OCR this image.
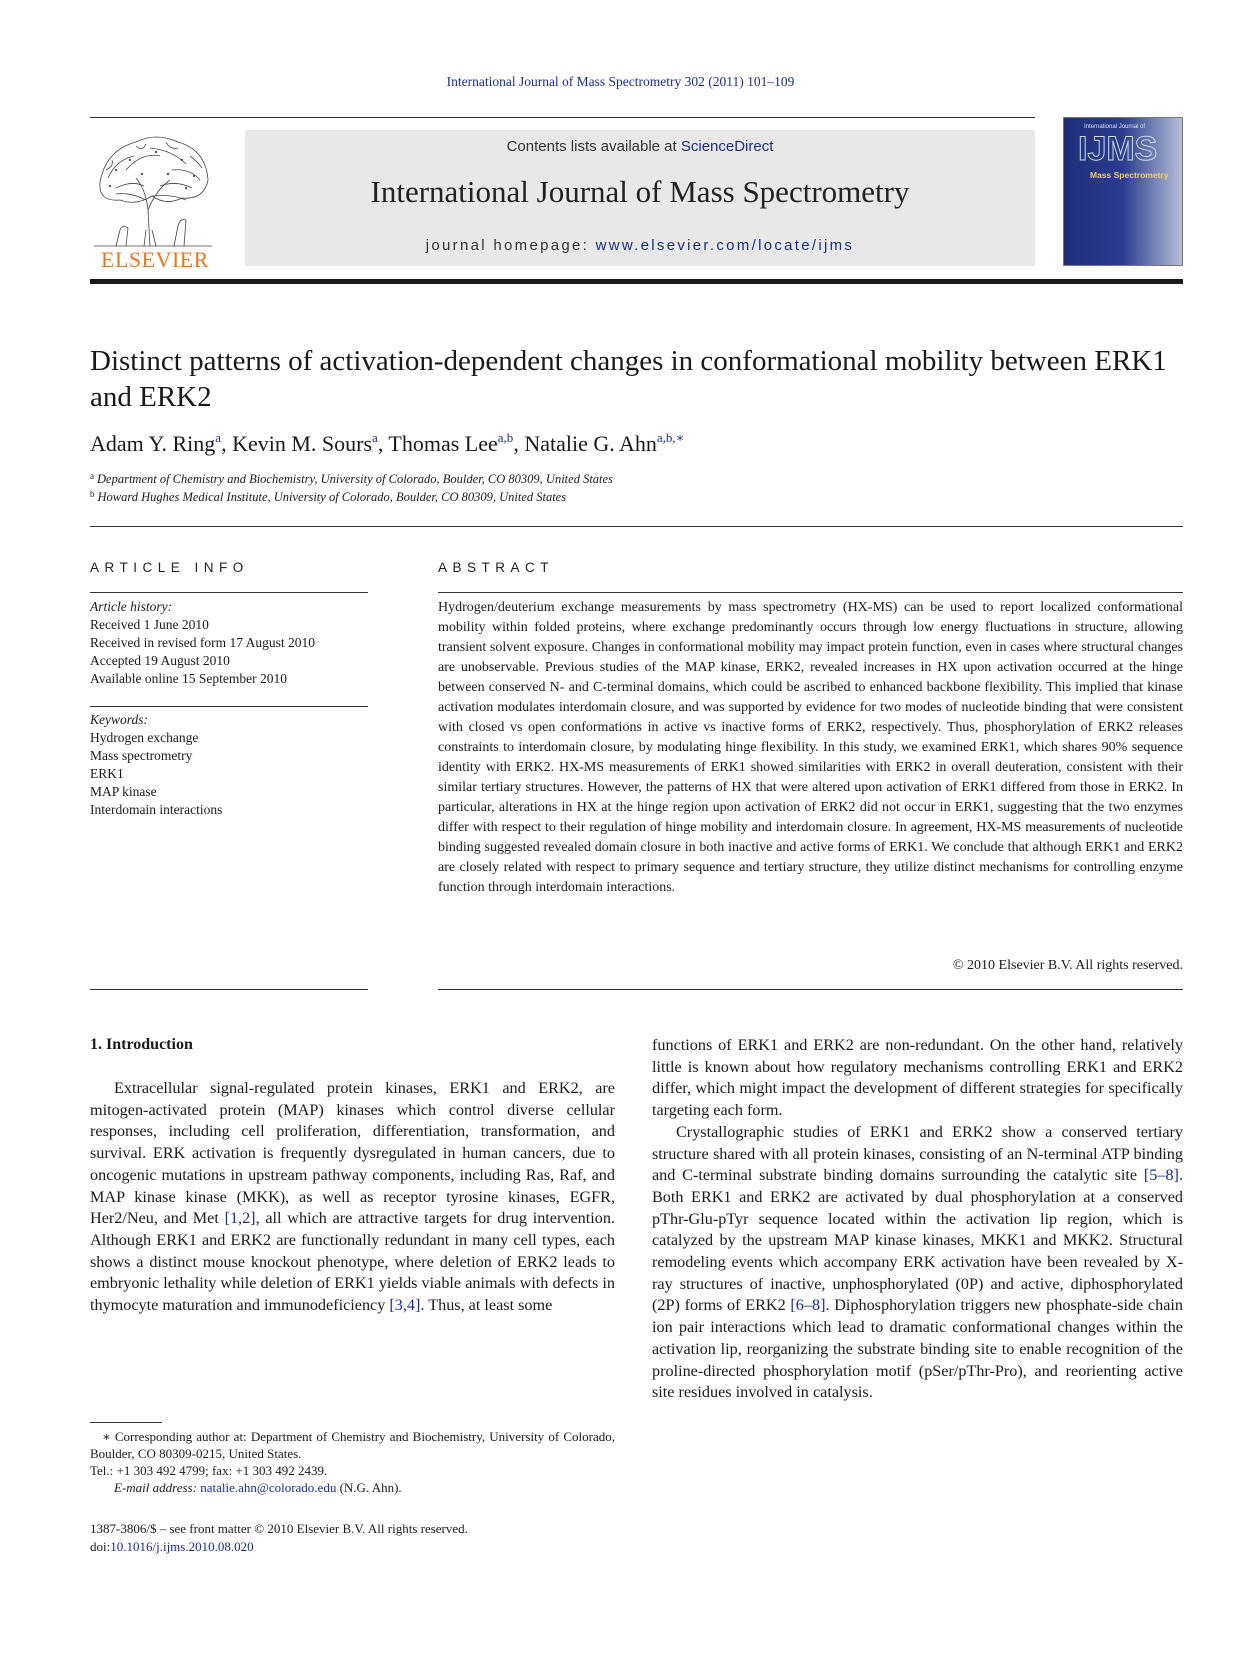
International Journal of Mass Spectrometry 302 (2011) 101–109
ELSEVIER
Contents lists available at ScienceDirect
International Journal of Mass Spectrometry
journal homepage: www.elsevier.com/locate/ijms
International Journal of
IJMS
Mass Spectrometry
Distinct patterns of activation-dependent changes in conformational mobility between ERK1 and ERK2
Adam Y. Ring$^a$, Kevin M. Sours$^a$, Thomas Lee$^{a,b}$, Natalie G. Ahn$^{a,b,∗}$
$^a$ Department of Chemistry and Biochemistry, University of Colorado, Boulder, CO 80309, United States
$^b$ Howard Hughes Medical Institute, University of Colorado, Boulder, CO 80309, United States
ARTICLE INFO
Article history:
Received 1 June 2010
Received in revised form 17 August 2010
Accepted 19 August 2010
Available online 15 September 2010
Keywords:
Hydrogen exchange
Mass spectrometry
ERK1
MAP kinase
Interdomain interactions
ABSTRACT
Hydrogen/deuterium exchange measurements by mass spectrometry (HX-MS) can be used to report localized conformational mobility within folded proteins, where exchange predominantly occurs through low energy fluctuations in structure, allowing transient solvent exposure. Changes in conformational mobility may impact protein function, even in cases where structural changes are unobservable. Previous studies of the MAP kinase, ERK2, revealed increases in HX upon activation occurred at the hinge between conserved N- and C-terminal domains, which could be ascribed to enhanced backbone flexibility. This implied that kinase activation modulates interdomain closure, and was supported by evidence for two modes of nucleotide binding that were consistent with closed vs open conformations in active vs inactive forms of ERK2, respectively. Thus, phosphorylation of ERK2 releases constraints to interdomain closure, by modulating hinge flexibility. In this study, we examined ERK1, which shares 90% sequence identity with ERK2. HX-MS measurements of ERK1 showed similarities with ERK2 in overall deuteration, consistent with their similar tertiary structures. However, the patterns of HX that were altered upon activation of ERK1 differed from those in ERK2. In particular, alterations in HX at the hinge region upon activation of ERK2 did not occur in ERK1, suggesting that the two enzymes differ with respect to their regulation of hinge mobility and interdomain closure. In agreement, HX-MS measurements of nucleotide binding suggested revealed domain closure in both inactive and active forms of ERK1. We conclude that although ERK1 and ERK2 are closely related with respect to primary sequence and tertiary structure, they utilize distinct mechanisms for controlling enzyme function through interdomain interactions.
© 2010 Elsevier B.V. All rights reserved.
1. Introduction
Extracellular signal-regulated protein kinases, ERK1 and ERK2, are mitogen-activated protein (MAP) kinases which control diverse cellular responses, including cell proliferation, differentiation, transformation, and survival. ERK activation is frequently dysregulated in human cancers, due to oncogenic mutations in upstream pathway components, including Ras, Raf, and MAP kinase kinase (MKK), as well as receptor tyrosine kinases, EGFR, Her2/Neu, and Met [1,2], all which are attractive targets for drug intervention. Although ERK1 and ERK2 are functionally redundant in many cell types, each shows a distinct mouse knockout phenotype, where deletion of ERK2 leads to embryonic lethality while deletion of ERK1 yields viable animals with defects in thymocyte maturation and immunodeficiency [3,4]. Thus, at least some

functions of ERK1 and ERK2 are non-redundant. On the other hand, relatively little is known about how regulatory mechanisms controlling ERK1 and ERK2 differ, which might impact the development of different strategies for specifically targeting each form.

Crystallographic studies of ERK1 and ERK2 show a conserved tertiary structure shared with all protein kinases, consisting of an N-terminal ATP binding and C-terminal substrate binding domains surrounding the catalytic site [5–8]. Both ERK1 and ERK2 are activated by dual phosphorylation at a conserved pThr-Glu-pTyr sequence located within the activation lip region, which is catalyzed by the upstream MAP kinase kinases, MKK1 and MKK2. Structural remodeling events which accompany ERK activation have been revealed by X-ray structures of inactive, unphosphorylated (0P) and active, diphosphorylated (2P) forms of ERK2 [6–8]. Diphosphorylation triggers new phosphate-side chain ion pair interactions which lead to dramatic conformational changes within the activation lip, reorganizing the substrate binding site to enable recognition of the proline-directed phosphorylation motif (pSer/pThr-Pro), and reorienting active site residues involved in catalysis.

∗ Corresponding author at: Department of Chemistry and Biochemistry, University of Colorado, Boulder, CO 80309-0215, United States.
Tel.: +1 303 492 4799; fax: +1 303 492 2439.
E-mail address: natalie.ahn@colorado.edu (N.G. Ahn).
1387-3806/$ – see front matter © 2010 Elsevier B.V. All rights reserved.
doi:10.1016/j.ijms.2010.08.020
